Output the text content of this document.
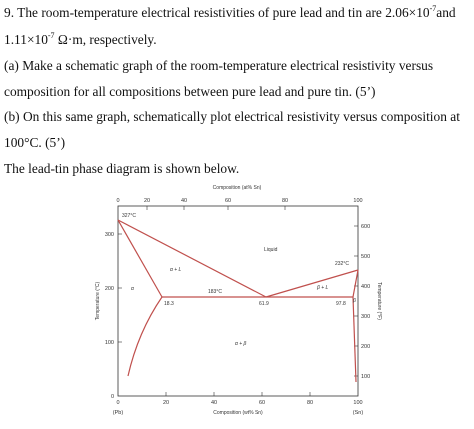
9. The room-temperature electrical resistivities of pure lead and tin are $2.06\times 10^{-7}and$
$1.11\times 10^{-7}$ Ω·m, respectively.
(a) Make a schematic graph of the room-temperature electrical resistivity versus
composition for all compositions between pure lead and pure tin. (5’)
(b) On this same graph, schematically plot electrical resistivity versus composition at
100°C. (5’)
The lead-tin phase diagram is shown below.
Composition (at% Sn)
0	20	40	60	80	100
0
100
200
300
Temperature (°C)
100
200
300
400
500
600
Temperature (°F)
0	20	40	60	80	100
(Pb)	(Sn)
Composition (wt% Sn)
327°C
232°C
Liquid
α + L
β + L
183°C
α
β
18.3	61.9	97.8
α + β
